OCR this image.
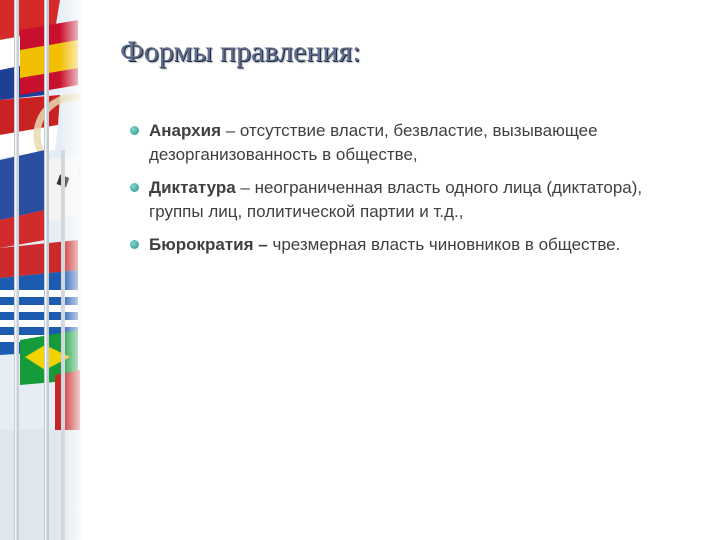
Формы правления:
Анархия – отсутствие власти, безвластие, вызывающее дезорганизованность в обществе,
Диктатура – неограниченная власть одного лица (диктатора), группы лиц, политической партии и т.д.,
Бюрократия – чрезмерная власть чиновников в обществе.
